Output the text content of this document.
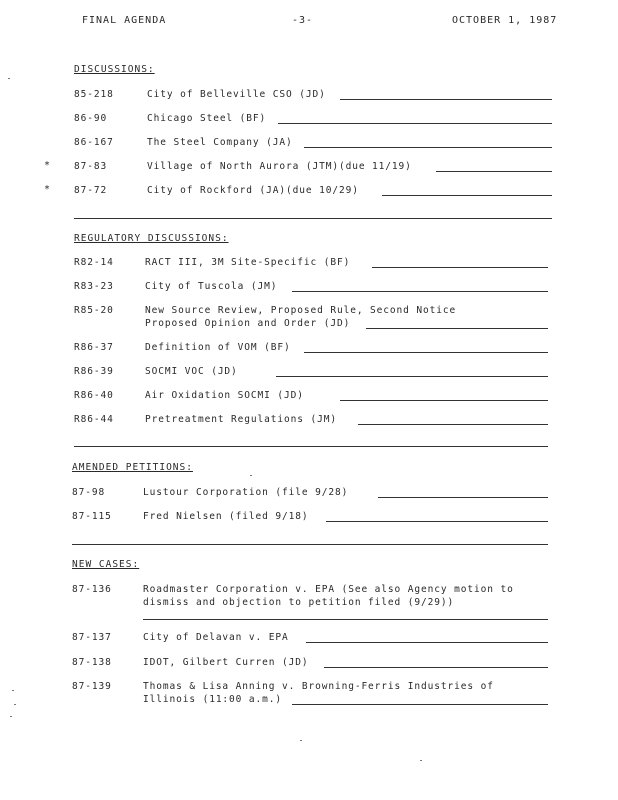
FINAL AGENDA	-3-	OCTOBER 1, 1987
DISCUSSIONS:
85-218	City of Belleville CSO (JD)
86-90	Chicago Steel (BF)
86-167	The Steel Company (JA)
*	87-83	Village of North Aurora (JTM)(due 11/19)
*	87-72	City of Rockford (JA)(due 10/29)
REGULATORY DISCUSSIONS:
R82-14	RACT III, 3M Site-Specific (BF)
R83-23	City of Tuscola (JM)
R85-20	New Source Review, Proposed Rule, Second Notice
Proposed Opinion and Order (JD)
R86-37	Definition of VOM (BF)
R86-39	SOCMI VOC (JD)
R86-40	Air Oxidation SOCMI (JD)
R86-44	Pretreatment Regulations (JM)
AMENDED PETITIONS:
87-98	Lustour Corporation (file 9/28)
87-115	Fred Nielsen (filed 9/18)
NEW CASES:
87-136	Roadmaster Corporation v. EPA (See also Agency motion to
dismiss and objection to petition filed (9/29))
87-137	City of Delavan v. EPA
87-138	IDOT, Gilbert Curren (JD)
87-139	Thomas & Lisa Anning v. Browning-Ferris Industries of
Illinois (11:00 a.m.)
